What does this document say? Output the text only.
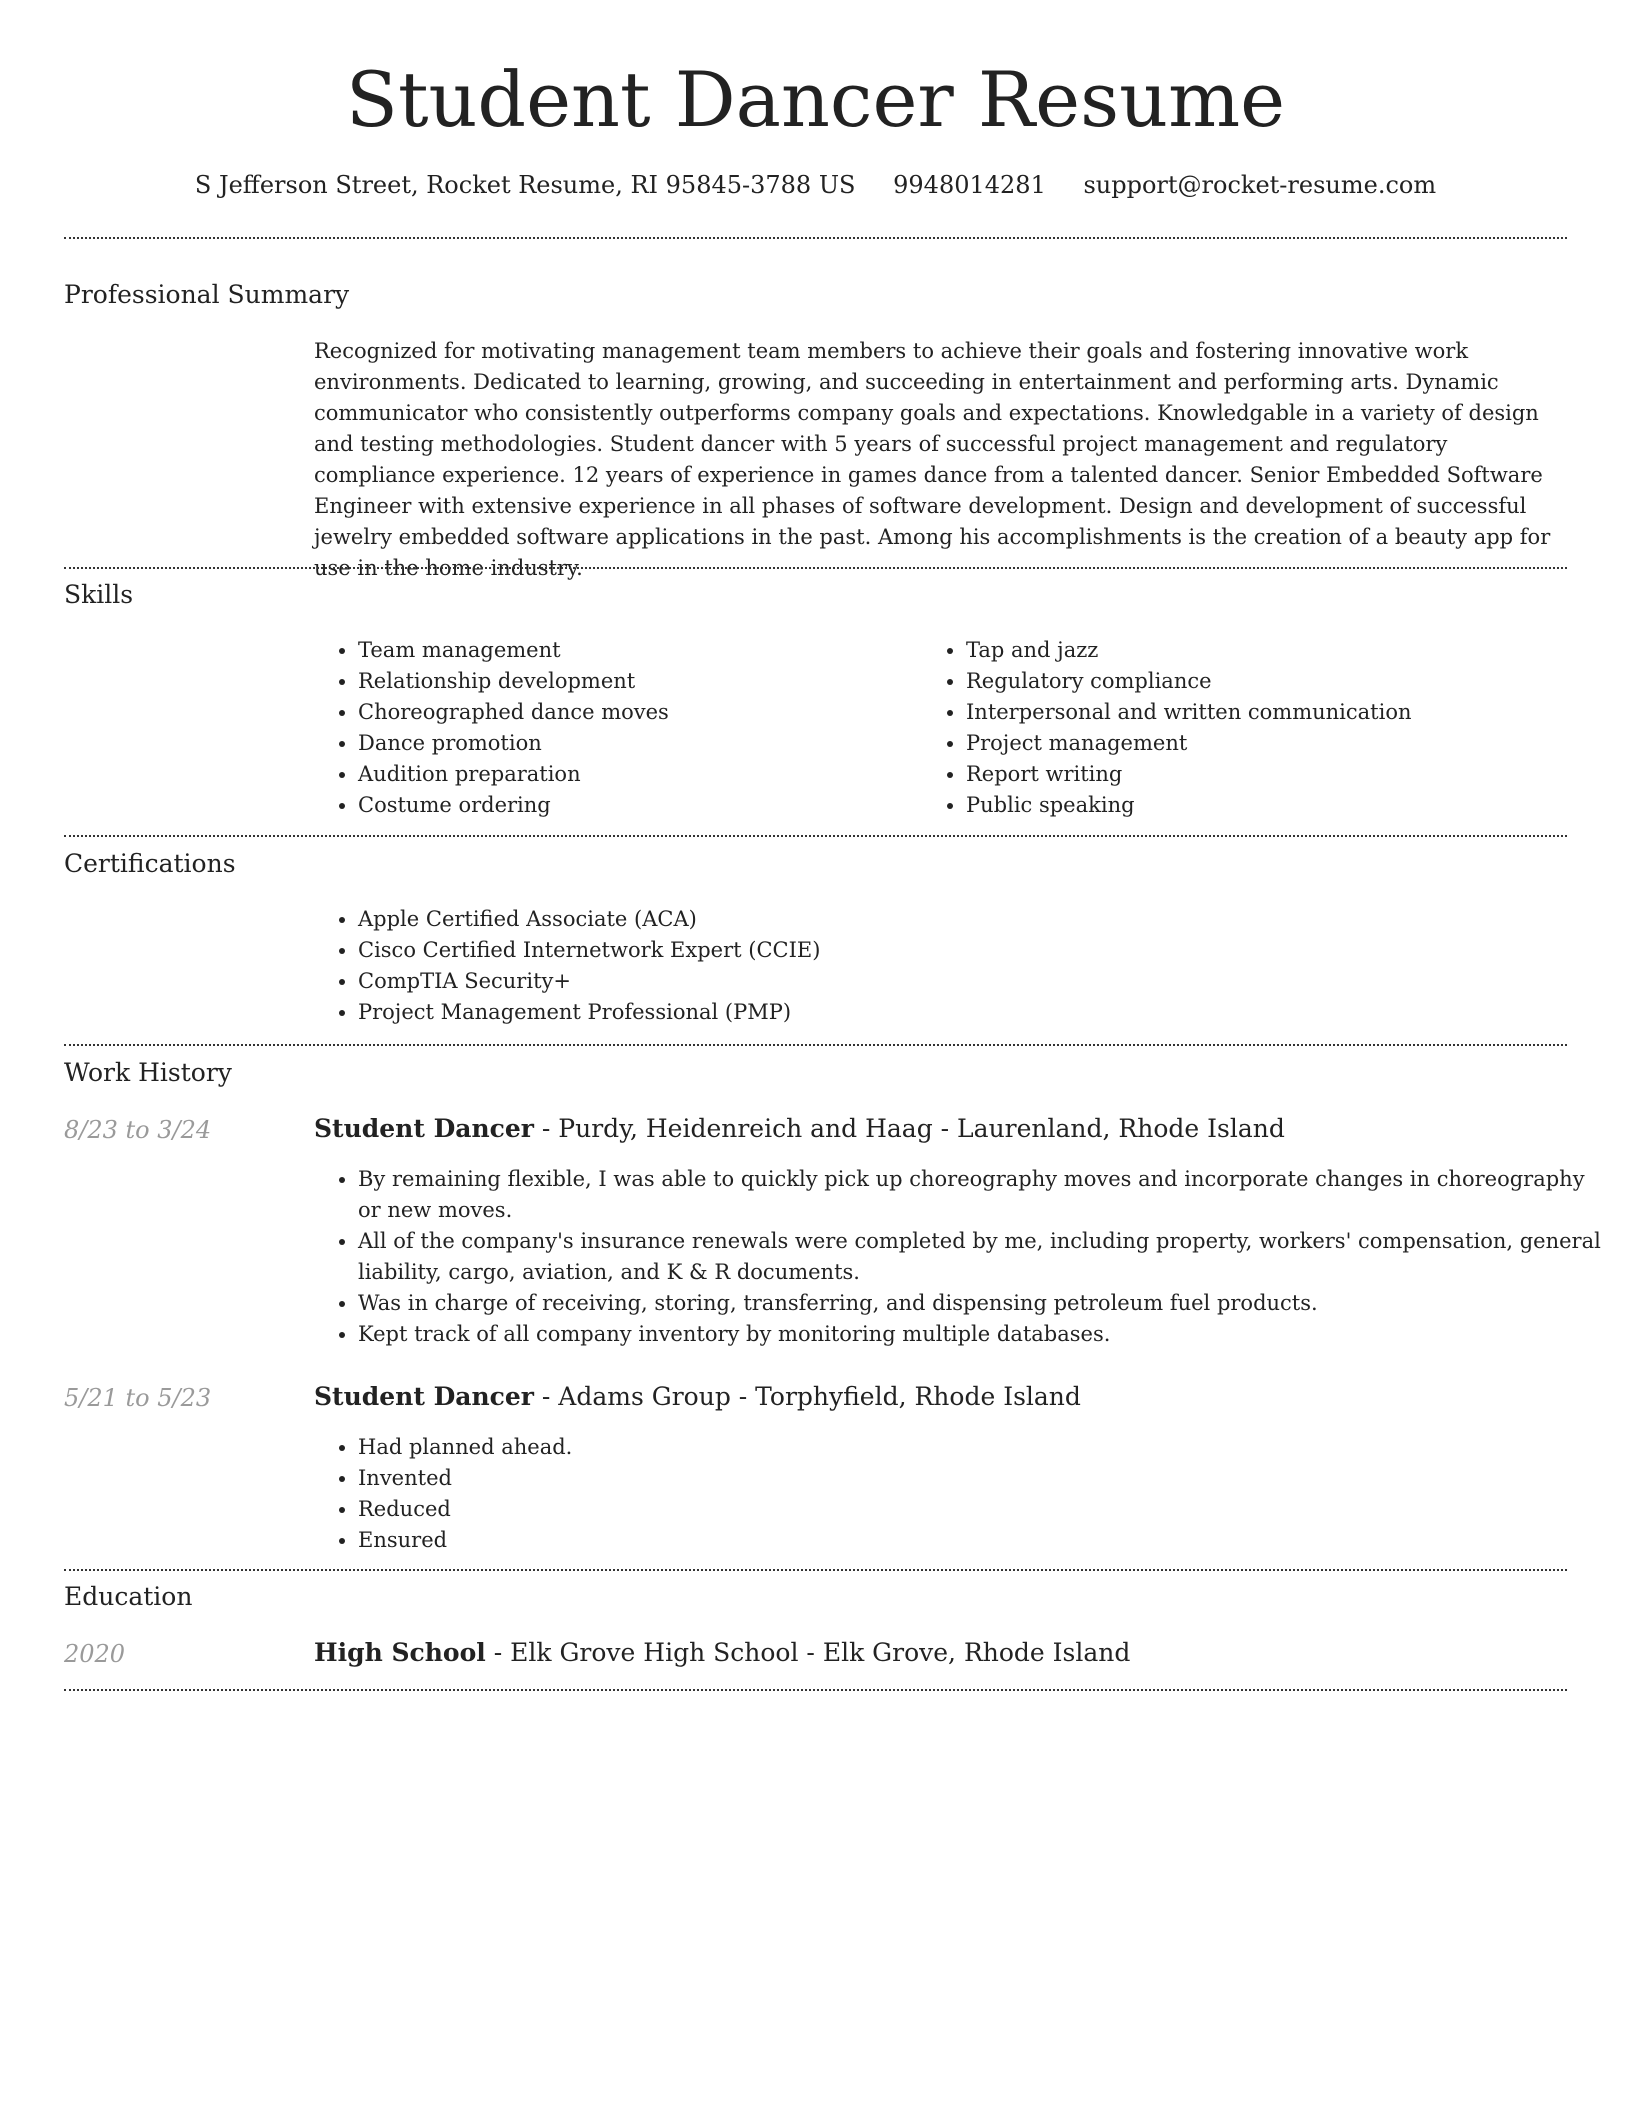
Student Dancer Resume
S Jefferson Street, Rocket Resume, RI 95845-3788 US 9948014281 support@rocket-resume.com
Professional Summary

Recognized for motivating management team members to achieve their goals and fostering innovative work environments. Dedicated to learning, growing, and succeeding in entertainment and performing arts. Dynamic communicator who consistently outperforms company goals and expectations. Knowledgable in a variety of design and testing methodologies. Student dancer with 5 years of successful project management and regulatory compliance experience. 12 years of experience in games dance from a talented dancer. Senior Embedded Software Engineer with extensive experience in all phases of software development. Design and development of successful jewelry embedded software applications in the past. Among his accomplishments is the creation of a beauty app for use in the home industry.

Skills
• Team management
• Relationship development
• Choreographed dance moves
• Dance promotion
• Audition preparation
• Costume ordering
• Tap and jazz
• Regulatory compliance
• Interpersonal and written communication
• Project management
• Report writing
• Public speaking
Certifications
• Apple Certified Associate (ACA)
• Cisco Certified Internetwork Expert (CCIE)
• CompTIA Security+
• Project Management Professional (PMP)
Work History
8/23 to 3/24	Student Dancer - Purdy, Heidenreich and Haag - Laurenland, Rhode Island
• By remaining flexible, I was able to quickly pick up choreography moves and incorporate changes in choreography or new moves.
• All of the company's insurance renewals were completed by me, including property, workers' compensation, general liability, cargo, aviation, and K & R documents.
• Was in charge of receiving, storing, transferring, and dispensing petroleum fuel products.
• Kept track of all company inventory by monitoring multiple databases.
5/21 to 5/23	Student Dancer - Adams Group - Torphyfield, Rhode Island
• Had planned ahead.
• Invented
• Reduced
• Ensured
Education
2020	High School - Elk Grove High School - Elk Grove, Rhode Island
